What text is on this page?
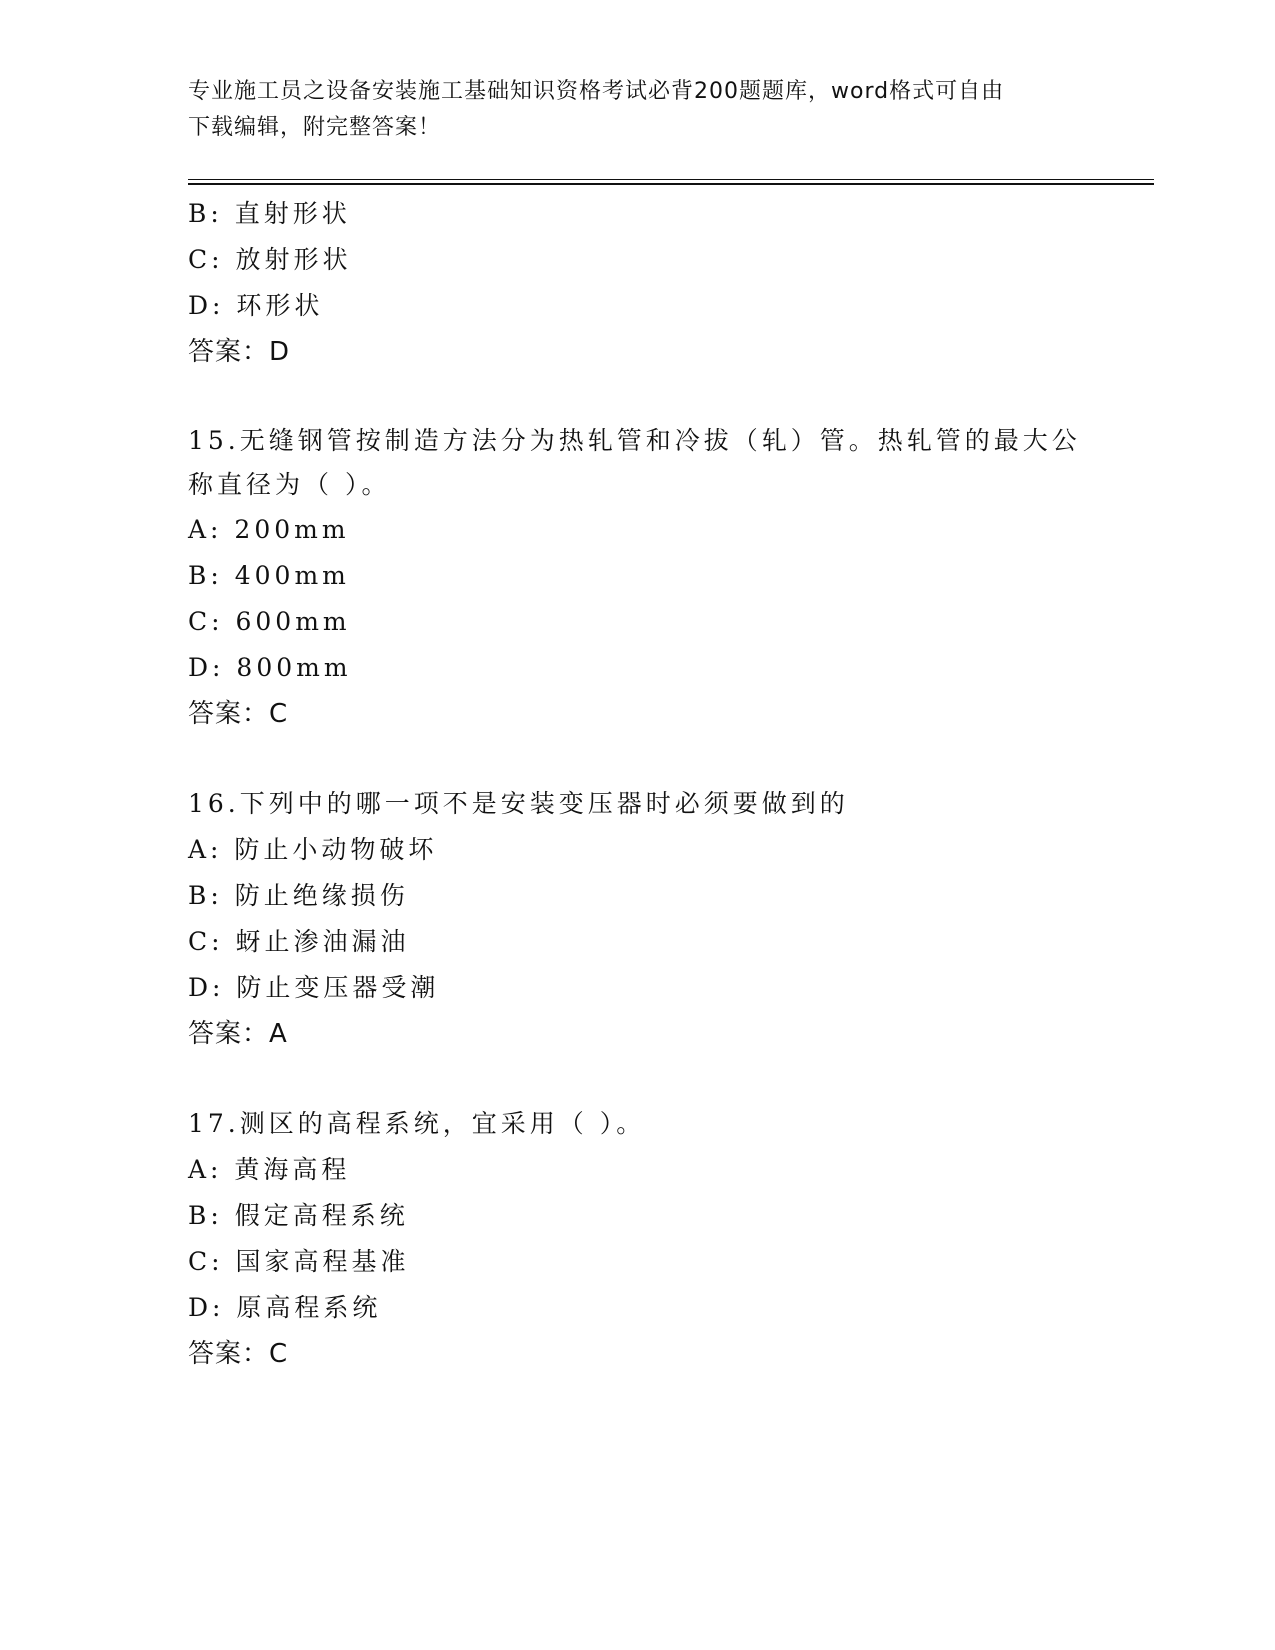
专业施工员之设备安装施工基础知识资格考试必背200题题库，word格式可自由
下载编辑，附完整答案！
B: 直射形状
C: 放射形状
D: 环形状
答案：D
15.无缝钢管按制造方法分为热轧管和冷拔（轧）管。热轧管的最大公
称直径为（ ）。
A: 200mm
B: 400mm
C: 600mm
D: 800mm
答案：C
16.下列中的哪一项不是安装变压器时必须要做到的
A: 防止小动物破坏
B: 防止绝缘损伤
C: 蚜止渗油漏油
D: 防止变压器受潮
答案：A
17.测区的高程系统，宜采用（ ）。
A: 黄海高程
B: 假定高程系统
C: 国家高程基准
D: 原高程系统
答案：C
